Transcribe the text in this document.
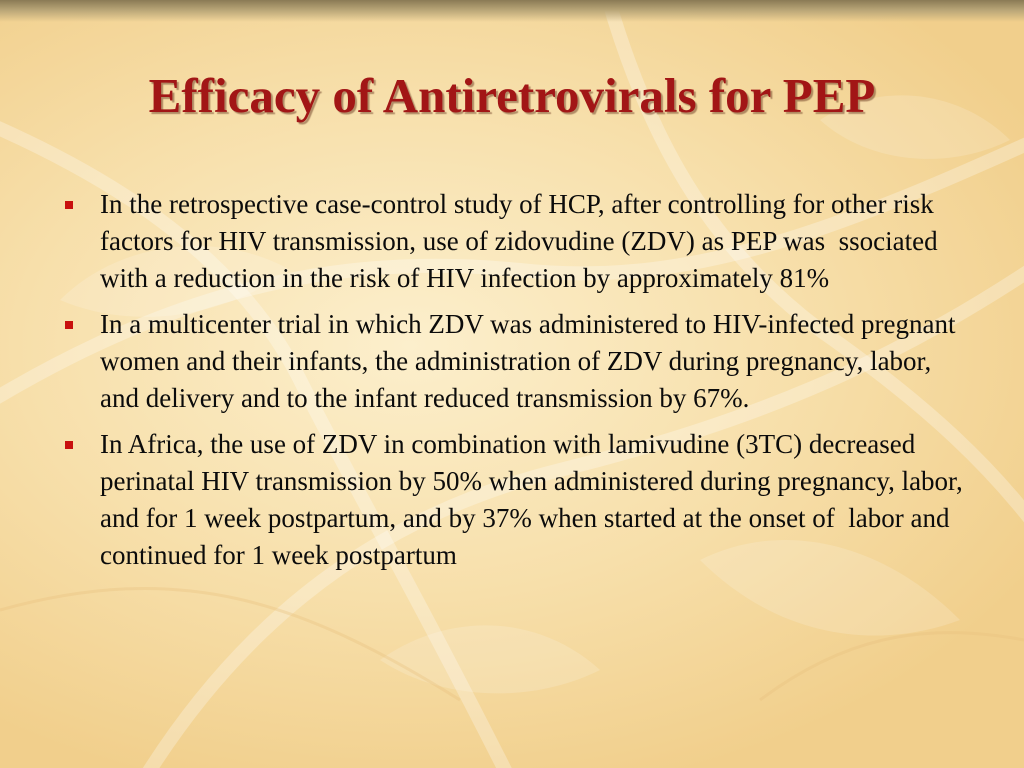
Efficacy of Antiretrovirals for PEP
In the retrospective case-control study of HCP, after controlling for other risk factors for HIV transmission, use of zidovudine (ZDV) as PEP was  ssociated with a reduction in the risk of HIV infection by approximately 81%
In a multicenter trial in which ZDV was administered to HIV-infected pregnant women and their infants, the administration of ZDV during pregnancy, labor, and delivery and to the infant reduced transmission by 67%.
In Africa, the use of ZDV in combination with lamivudine (3TC) decreased perinatal HIV transmission by 50% when administered during pregnancy, labor, and for 1 week postpartum, and by 37% when started at the onset of  labor and continued for 1 week postpartum
